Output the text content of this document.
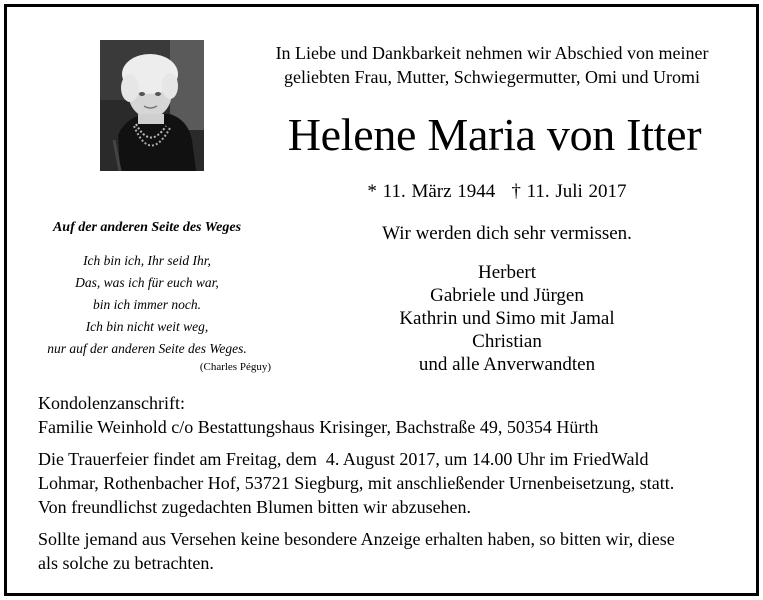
In Liebe und Dankbarkeit nehmen wir Abschied von meiner
geliebten Frau, Mutter, Schwiegermutter, Omi und Uromi
Helene Maria von Itter
* 11. März 1944 † 11. Juli 2017
Auf der anderen Seite des Weges
Ich bin ich, Ihr seid Ihr,
Das, was ich für euch war,
bin ich immer noch.
Ich bin nicht weit weg,
nur auf der anderen Seite des Weges.
(Charles Péguy)
Wir werden dich sehr vermissen.
Herbert
Gabriele und Jürgen
Kathrin und Simo mit Jamal
Christian
und alle Anverwandten
Kondolenzanschrift:
Familie Weinhold c/o Bestattungshaus Krisinger, Bachstraße 49, 50354 Hürth
Die Trauerfeier findet am Freitag, dem  4. August 2017, um 14.00 Uhr im FriedWald
Lohmar, Rothenbacher Hof, 53721 Siegburg, mit anschließender Urnenbeisetzung, statt.
Von freundlichst zugedachten Blumen bitten wir abzusehen.
Sollte jemand aus Versehen keine besondere Anzeige erhalten haben, so bitten wir, diese
als solche zu betrachten.
